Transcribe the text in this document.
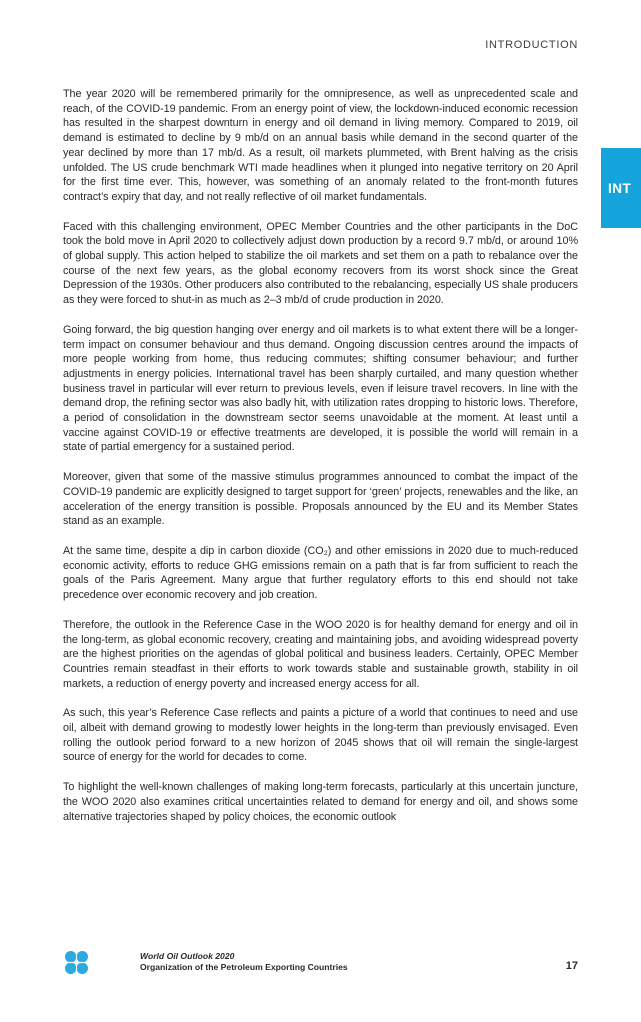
INTRODUCTION
INT

The year 2020 will be remembered primarily for the omnipresence, as well as unprecedented scale and reach, of the COVID-19 pandemic. From an energy point of view, the lockdown-induced economic recession has resulted in the sharpest downturn in energy and oil demand in living memory. Compared to 2019, oil demand is estimated to decline by 9 mb/d on an annual basis while demand in the second quarter of the year declined by more than 17 mb/d. As a result, oil markets plummeted, with Brent halving as the crisis unfolded. The US crude benchmark WTI made headlines when it plunged into negative territory on 20 April for the first time ever. This, however, was something of an anomaly related to the front-month futures contract’s expiry that day, and not really reflective of oil market fundamentals.

Faced with this challenging environment, OPEC Member Countries and the other participants in the DoC took the bold move in April 2020 to collectively adjust down production by a record 9.7 mb/d, or around 10% of global supply. This action helped to stabilize the oil markets and set them on a path to rebalance over the course of the next few years, as the global economy recovers from its worst shock since the Great Depression of the 1930s. Other producers also contributed to the rebalancing, especially US shale producers as they were forced to shut-in as much as 2–3 mb/d of crude production in 2020.

Going forward, the big question hanging over energy and oil markets is to what extent there will be a longer-term impact on consumer behaviour and thus demand. Ongoing discussion centres around the impacts of more people working from home, thus reducing commutes; shifting consumer behaviour; and further adjustments in energy policies. International travel has been sharply curtailed, and many question whether business travel in particular will ever return to previous levels, even if leisure travel recovers. In line with the demand drop, the refining sector was also badly hit, with utilization rates dropping to historic lows. Therefore, a period of consolidation in the downstream sector seems unavoidable at the moment. At least until a vaccine against COVID-19 or effective treatments are developed, it is possible the world will remain in a state of partial emergency for a sustained period.

Moreover, given that some of the massive stimulus programmes announced to combat the impact of the COVID-19 pandemic are explicitly designed to target support for ‘green’ projects, renewables and the like, an acceleration of the energy transition is possible. Proposals announced by the EU and its Member States stand as an example.

At the same time, despite a dip in carbon dioxide (CO₂) and other emissions in 2020 due to much-reduced economic activity, efforts to reduce GHG emissions remain on a path that is far from sufficient to reach the goals of the Paris Agreement. Many argue that further regulatory efforts to this end should not take precedence over economic recovery and job creation.

Therefore, the outlook in the Reference Case in the WOO 2020 is for healthy demand for energy and oil in the long-term, as global economic recovery, creating and maintaining jobs, and avoiding widespread poverty are the highest priorities on the agendas of global political and business leaders. Certainly, OPEC Member Countries remain steadfast in their efforts to work towards stable and sustainable growth, stability in oil markets, a reduction of energy poverty and increased energy access for all.

As such, this year’s Reference Case reflects and paints a picture of a world that continues to need and use oil, albeit with demand growing to modestly lower heights in the long-term than previously envisaged. Even rolling the outlook period forward to a new horizon of 2045 shows that oil will remain the single-largest source of energy for the world for decades to come.

To highlight the well-known challenges of making long-term forecasts, particularly at this uncertain juncture, the WOO 2020 also examines critical uncertainties related to demand for energy and oil, and shows some alternative trajectories shaped by policy choices, the economic outlook

World Oil Outlook 2020
Organization of the Petroleum Exporting Countries	17
